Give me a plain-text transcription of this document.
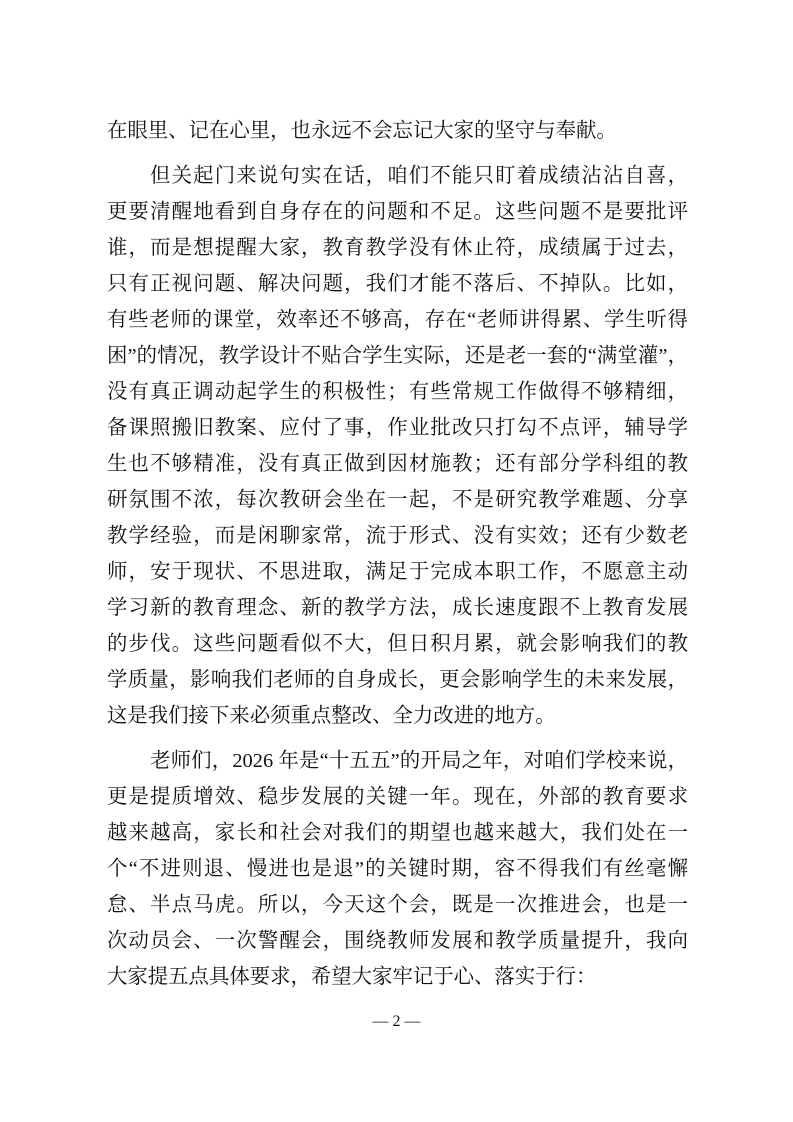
在眼里、记在心里，也永远不会忘记大家的坚守与奉献。
但关起门来说句实在话，咱们不能只盯着成绩沾沾自喜，
更要清醒地看到自身存在的问题和不足。这些问题不是要批评
谁，而是想提醒大家，教育教学没有休止符，成绩属于过去，
只有正视问题、解决问题，我们才能不落后、不掉队。比如，
有些老师的课堂，效率还不够高，存在“老师讲得累、学生听得
困”的情况，教学设计不贴合学生实际，还是老一套的“满堂灌”，
没有真正调动起学生的积极性；有些常规工作做得不够精细，
备课照搬旧教案、应付了事，作业批改只打勾不点评，辅导学
生也不够精准，没有真正做到因材施教；还有部分学科组的教
研氛围不浓，每次教研会坐在一起，不是研究教学难题、分享
教学经验，而是闲聊家常，流于形式、没有实效；还有少数老
师，安于现状、不思进取，满足于完成本职工作，不愿意主动
学习新的教育理念、新的教学方法，成长速度跟不上教育发展
的步伐。这些问题看似不大，但日积月累，就会影响我们的教
学质量，影响我们老师的自身成长，更会影响学生的未来发展，
这是我们接下来必须重点整改、全力改进的地方。
老师们，2026 年是“十五五”的开局之年，对咱们学校来说，
更是提质增效、稳步发展的关键一年。现在，外部的教育要求
越来越高，家长和社会对我们的期望也越来越大，我们处在一
个“不进则退、慢进也是退”的关键时期，容不得我们有丝毫懈
怠、半点马虎。所以，今天这个会，既是一次推进会，也是一
次动员会、一次警醒会，围绕教师发展和教学质量提升，我向
大家提五点具体要求，希望大家牢记于心、落实于行：
— 2 —
